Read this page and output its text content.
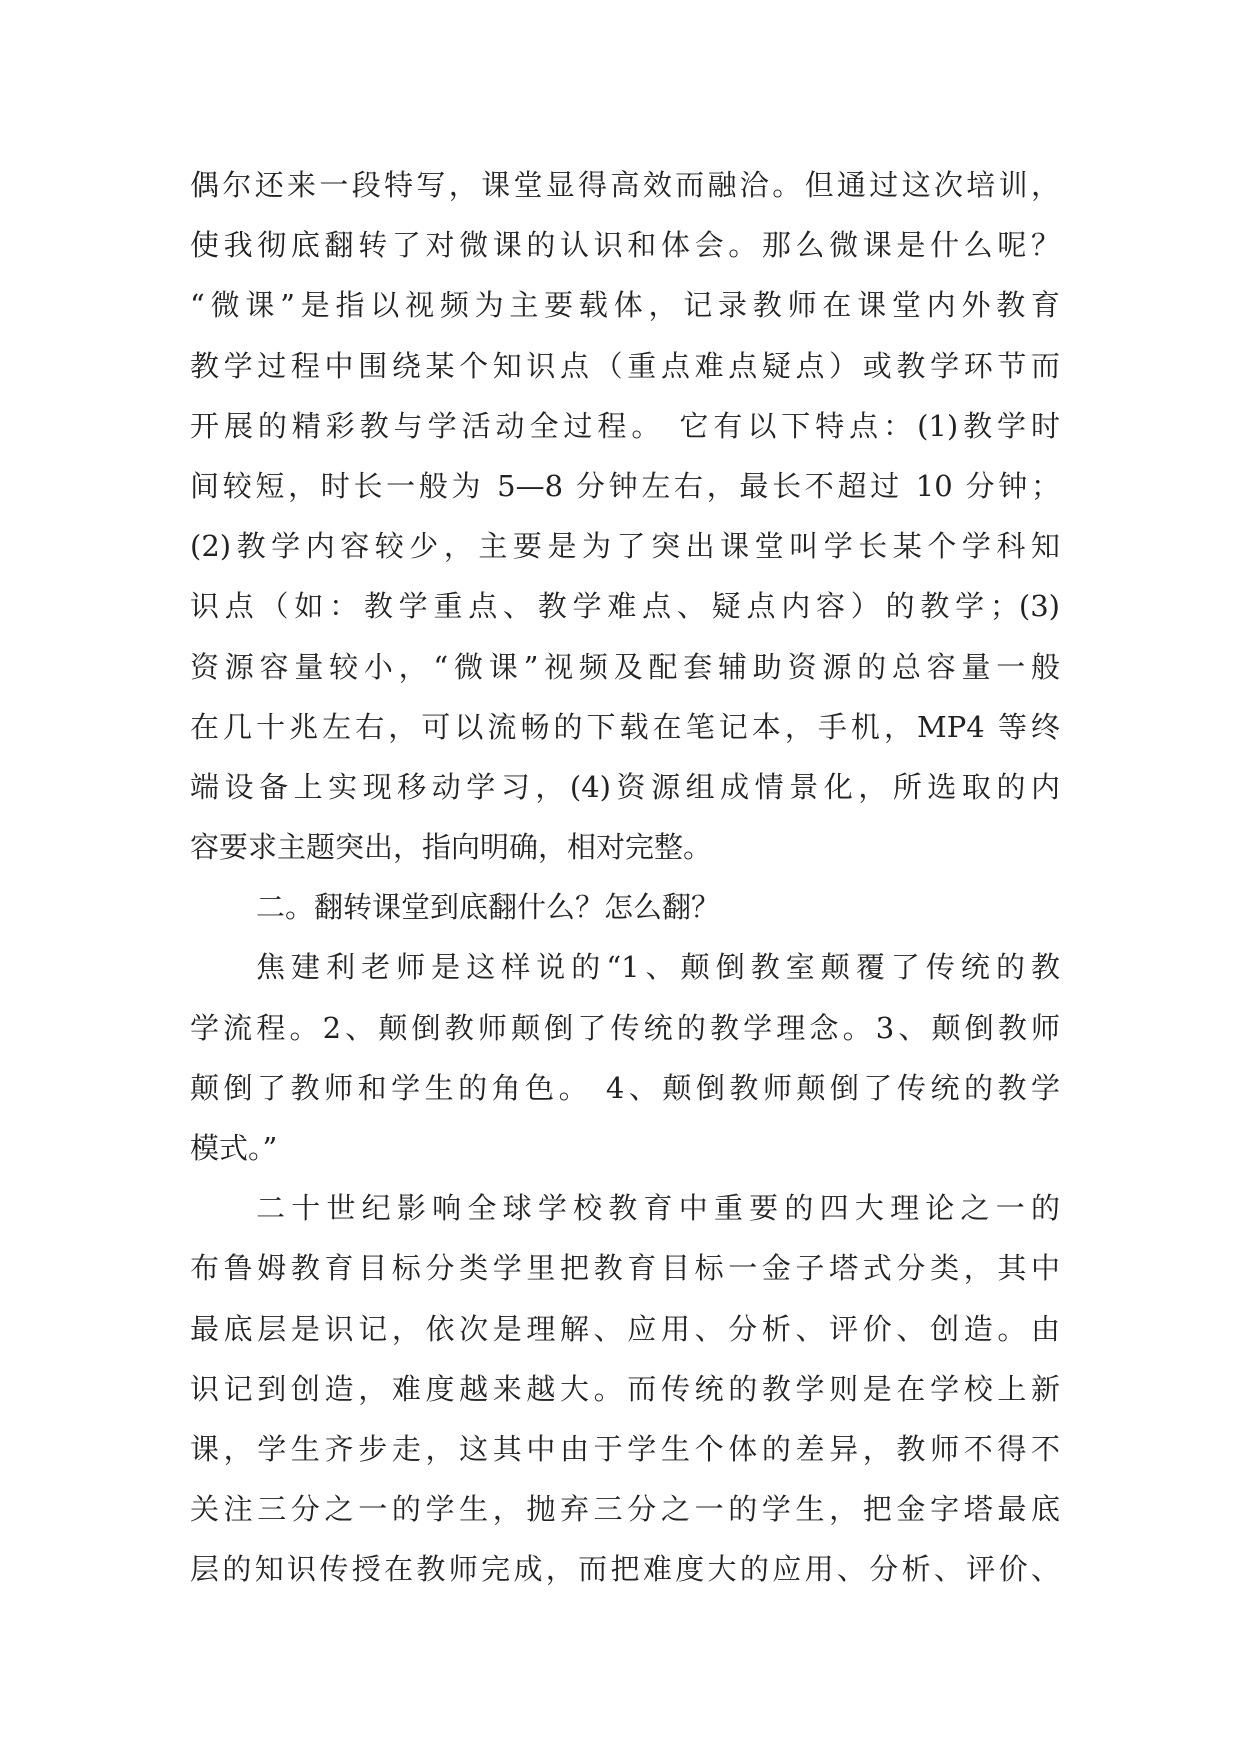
偶尔还来一段特写，课堂显得高效而融洽。但通过这次培训，
使我彻底翻转了对微课的认识和体会。那么微课是什么呢？
“微课”是指以视频为主要载体，记录教师在课堂内外教育
教学过程中围绕某个知识点（重点难点疑点）或教学环节而
开展的精彩教与学活动全过程。 它有以下特点：(1)教学时
间较短，时长一般为 5—8 分钟左右，最长不超过 10 分钟；
(2)教学内容较少，主要是为了突出课堂叫学长某个学科知
识点（如：教学重点、教学难点、疑点内容）的教学；(3)
资源容量较小，“微课”视频及配套辅助资源的总容量一般
在几十兆左右，可以流畅的下载在笔记本，手机，MP4 等终
端设备上实现移动学习，(4)资源组成情景化，所选取的内
容要求主题突出，指向明确，相对完整。
二。翻转课堂到底翻什么？怎么翻？
焦建利老师是这样说的“1、颠倒教室颠覆了传统的教
学流程。2、颠倒教师颠倒了传统的教学理念。3、颠倒教师
颠倒了教师和学生的角色。 4、颠倒教师颠倒了传统的教学
模式。”
二十世纪影响全球学校教育中重要的四大理论之一的
布鲁姆教育目标分类学里把教育目标一金子塔式分类，其中
最底层是识记，依次是理解、应用、分析、评价、创造。由
识记到创造，难度越来越大。而传统的教学则是在学校上新
课，学生齐步走，这其中由于学生个体的差异，教师不得不
关注三分之一的学生，抛弃三分之一的学生，把金字塔最底
层的知识传授在教师完成，而把难度大的应用、分析、评价、
